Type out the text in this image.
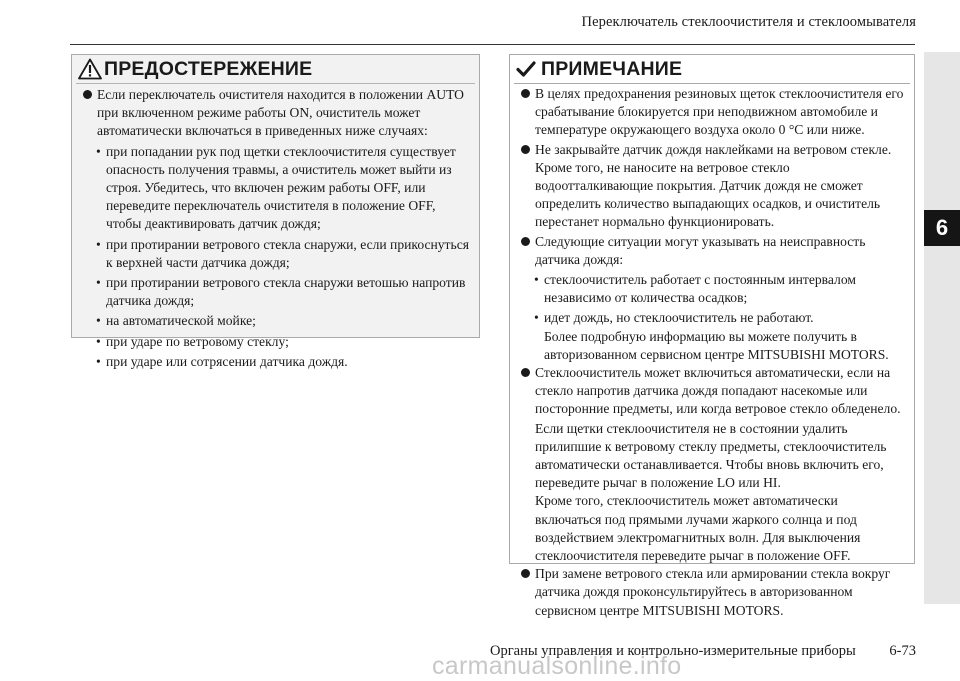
Переключатель стеклоочистителя и стеклоомывателя
6
ПРЕДОСТЕРЕЖЕНИЕ
Если переключатель очистителя находится в положении AUTO при включенном режиме работы ON, очиститель может автоматически включаться в приведенных ниже случаях:
• при попадании рук под щетки стеклоочистителя существует опасность получения травмы, а очиститель может выйти из строя. Убедитесь, что включен режим работы OFF, или переведите переключатель очистителя в положение OFF, чтобы деактивировать датчик дождя;
• при протирании ветрового стекла снаружи, если прикоснуться к верхней части датчика дождя;
• при протирании ветрового стекла снаружи ветошью напротив датчика дождя;
• на автоматической мойке;
• при ударе по ветровому стеклу;
• при ударе или сотрясении датчика дождя.
ПРИМЕЧАНИЕ
В целях предохранения резиновых щеток стеклоочистителя его срабатывание блокируется при неподвижном автомобиле и температуре окружающего воздуха около 0 °C или ниже.
Не закрывайте датчик дождя наклейками на ветровом стекле. Кроме того, не наносите на ветровое стекло водоотталкивающие покрытия. Датчик дождя не сможет определить количество выпадающих осадков, и очиститель перестанет нормально функционировать.
Следующие ситуации могут указывать на неисправность датчика дождя:
• стеклоочиститель работает с постоянным интервалом независимо от количества осадков;
• идет дождь, но стеклоочиститель не работают.
Более подробную информацию вы можете получить в авторизованном сервисном центре MITSUBISHI MOTORS.
Стеклоочиститель может включиться автоматически, если на стекло напротив датчика дождя попадают насекомые или посторонние предметы, или когда ветровое стекло обледенело.
Если щетки стеклоочистителя не в состоянии удалить прилипшие к ветровому стеклу предметы, стеклоочиститель автоматически останавливается. Чтобы вновь включить его, переведите рычаг в положение LO или HI.
Кроме того, стеклоочиститель может автоматически включаться под прямыми лучами жаркого солнца и под воздействием электромагнитных волн. Для выключения стеклоочистителя переведите рычаг в положение OFF.
При замене ветрового стекла или армировании стекла вокруг датчика дождя проконсультируйтесь в авторизованном сервисном центре MITSUBISHI MOTORS.
Органы управления и контрольно-измерительные приборы 6-73
carmanualsonline.info
